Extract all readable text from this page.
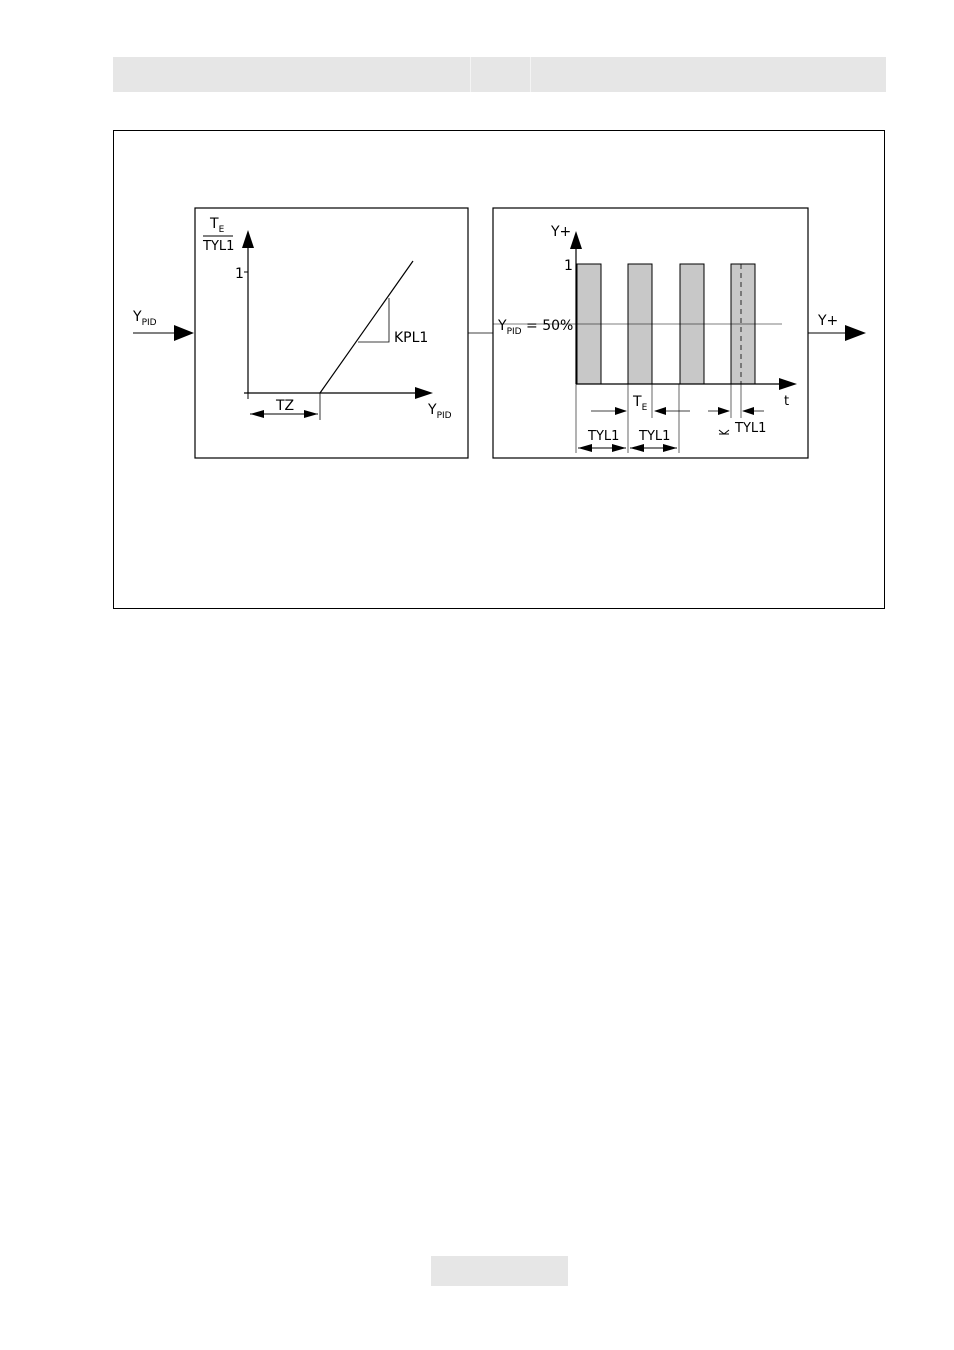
$Y_{PID}$
1
$T_E$
TYL1
KPL1
$Y_{PID}$
TZ
$Y_{PID} = 50\%$
Y+
1
t
$T_E$
TYL1
TYL1 TYL1
Y+
